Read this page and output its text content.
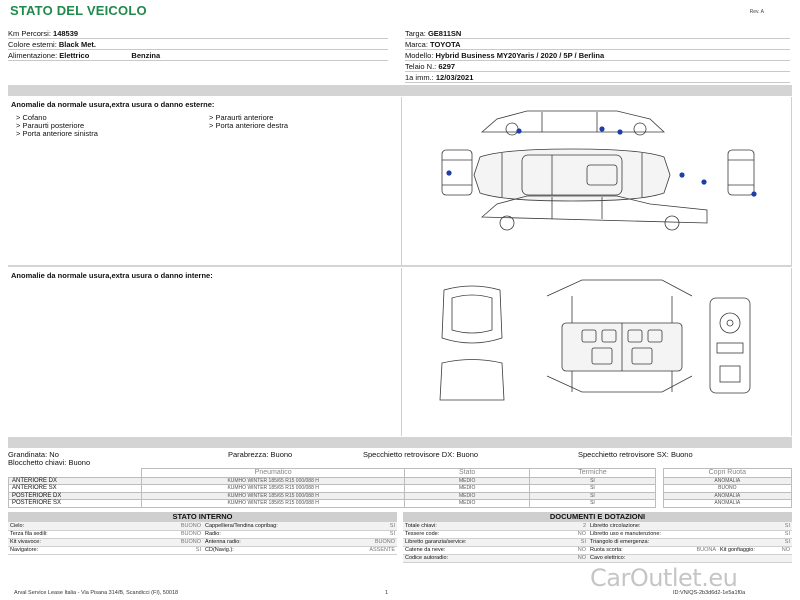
STATO DEL VEICOLO	Rev. A
Km Percorsi: 148539
Colore esterni: Black Met.
Alimentazione: Elettrico	Benzina
Targa: GE811SN
Marca: TOYOTA
Modello: Hybrid Business MY20Yaris / 2020 / 5P / Berlina
Telaio N.: 6297
1a imm.: 12/03/2021
Anomalie da normale usura,extra usura o danno esterne:
> Cofano
> Paraurti posteriore
> Porta anteriore sinistra
> Paraurti anteriore
> Porta anteriore destra
Anomalie da normale usura,extra usura o danno interne:
Grandinata: No	Parabrezza: Buono	Specchietto retrovisore DX: Buono	Specchietto retrovisore SX: Buono
Blocchetto chiavi: Buono
	Pneumatico	Stato	Termiche		Copri Ruota
ANTERIORE DX	KUMHO WINTER 185/65 R15 000/088 H	MEDIO	SI		ANOMALIA
ANTERIORE SX	KUMHO WINTER 185/65 R15 000/088 H	MEDIO	SI		BUONO
POSTERIORE DX	KUMHO WINTER 185/65 R15 000/088 H	MEDIO	SI		ANOMALIA
POSTERIORE SX	KUMHO WINTER 185/65 R15 000/088 H	MEDIO	SI		ANOMALIA
STATO INTERNO
Cielo:	BUONO	Cappelliera/Tendina copribag:	SI
Terza fila sedili:	BUONO	Radio:	SI
Kit vivavoce:	BUONO	Antenna radio:	BUONO
Navigatore:	SI	CD(Navig.):	ASSENTE
DOCUMENTI E DOTAZIONI
Totale chiavi:	2	Libretto circolazione:	SI		
Tessere code:	NO	Libretto uso e manutenzione:	SI		
Libretto garanzia/service:	SI	Triangolo di emergenza:	SI		
Catene da neve:	NO	Ruota scorta:	BUONA	Kit gonfiaggio:	NO
Codice autoradio:	NO	Cavo elettrico:			
Arval Service Lease Italia - Via Pisana 314/B, Scandicci (FI), 50018	1	ID:VN/QS-2b3d6d2-1e5a1f0a
CarOutlet.eu
